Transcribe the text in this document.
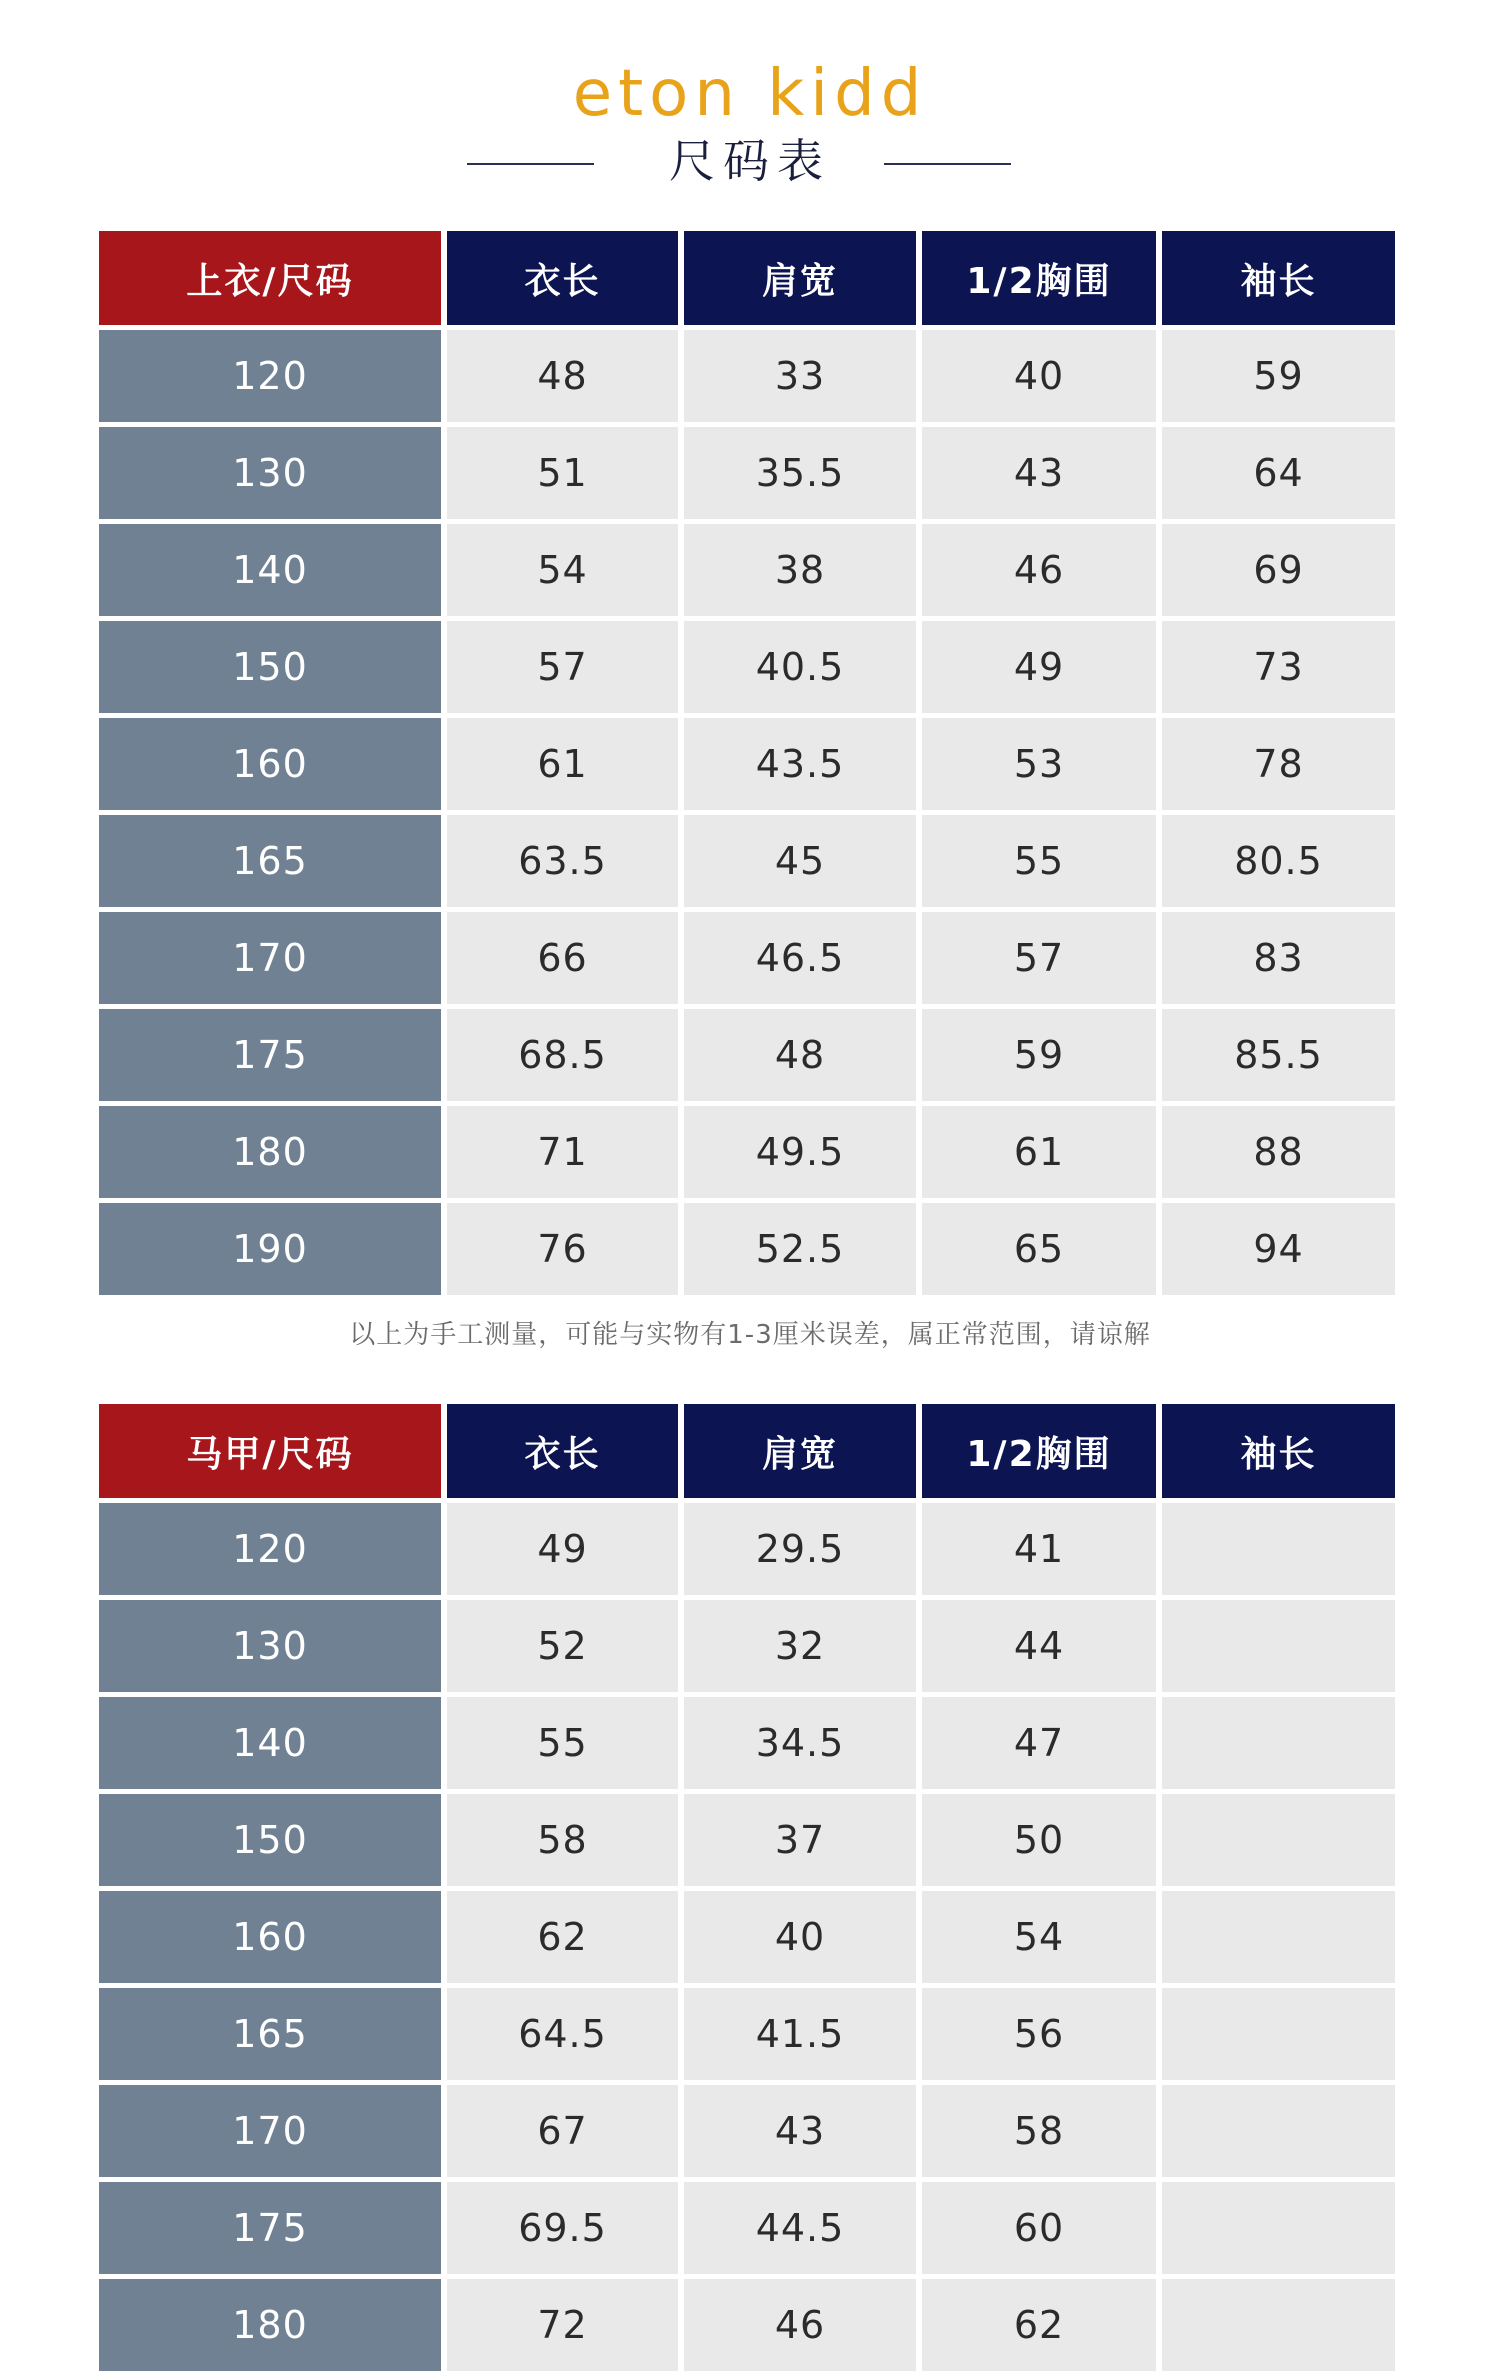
eton kidd
尺码表
上衣/尺码	衣长	肩宽	1/2胸围	袖长
120	48	33	40	59
130	51	35.5	43	64
140	54	38	46	69
150	57	40.5	49	73
160	61	43.5	53	78
165	63.5	45	55	80.5
170	66	46.5	57	83
175	68.5	48	59	85.5
180	71	49.5	61	88
190	76	52.5	65	94
以上为手工测量，可能与实物有1-3厘米误差，属正常范围，请谅解
马甲/尺码	衣长	肩宽	1/2胸围	袖长
120	49	29.5	41
130	52	32	44
140	55	34.5	47
150	58	37	50
160	62	40	54
165	64.5	41.5	56
170	67	43	58
175	69.5	44.5	60
180	72	46	62
